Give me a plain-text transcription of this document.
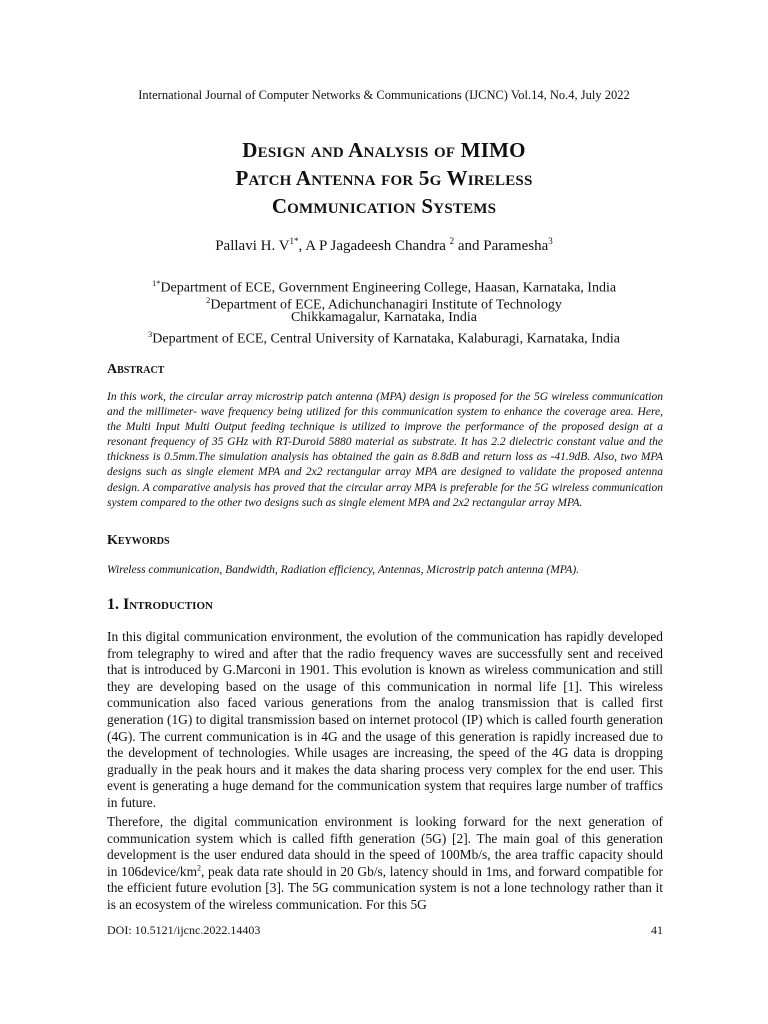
International Journal of Computer Networks & Communications (IJCNC) Vol.14, No.4, July 2022
Design and Analysis of MIMO
Patch Antenna for 5g Wireless
Communication Systems
Pallavi H. $V^{1*}$, A P Jagadeesh Chandra $^2$ and Paramesha$^3$
$^{1*}$Department of ECE, Government Engineering College, Haasan, Karnataka, India
$^2$Department of ECE, Adichunchanagiri Institute of Technology
Chikkamagalur, Karnataka, India
$^3$Department of ECE, Central University of Karnataka, Kalaburagi, Karnataka, India
Abstract
In this work, the circular array microstrip patch antenna (MPA) design is proposed for the 5G wireless communication and the millimeter- wave frequency being utilized for this communication system to enhance the coverage area. Here, the Multi Input Multi Output feeding technique is utilized to improve the performance of the proposed design at a resonant frequency of 35 GHz with RT-Duroid 5880 material as substrate. It has 2.2 dielectric constant value and the thickness is 0.5mm.The simulation analysis has obtained the gain as 8.8dB and return loss as -41.9dB. Also, two MPA designs such as single element MPA and 2x2 rectangular array MPA are designed to validate the proposed antenna design. A comparative analysis has proved that the circular array MPA is preferable for the 5G wireless communication system compared to the other two designs such as single element MPA and 2x2 rectangular array MPA.
Keywords
Wireless communication, Bandwidth, Radiation efficiency, Antennas, Microstrip patch antenna (MPA).
1. Introduction
In this digital communication environment, the evolution of the communication has rapidly developed from telegraphy to wired and after that the radio frequency waves are successfully sent and received that is introduced by G.Marconi in 1901. This evolution is known as wireless communication and still they are developing based on the usage of this communication in normal life [1]. This wireless communication also faced various generations from the analog transmission that is called first generation (1G) to digital transmission based on internet protocol (IP) which is called fourth generation (4G). The current communication is in 4G and the usage of this generation is rapidly increased due to the development of technologies. While usages are increasing, the speed of the 4G data is dropping gradually in the peak hours and it makes the data sharing process very complex for the end user. This event is generating a huge demand for the communication system that requires large number of traffics in future.
Therefore, the digital communication environment is looking forward for the next generation of communication system which is called fifth generation (5G) [2]. The main goal of this generation development is the user endured data should in the speed of 100Mb/s, the area traffic capacity should in $106device/km^2$, peak data rate should in 20 Gb/s, latency should in 1ms, and forward compatible for the efficient future evolution [3]. The 5G communication system is not a lone technology rather than it is an ecosystem of the wireless communication. For this 5G
DOI: 10.5121/ijcnc.2022.14403	41
